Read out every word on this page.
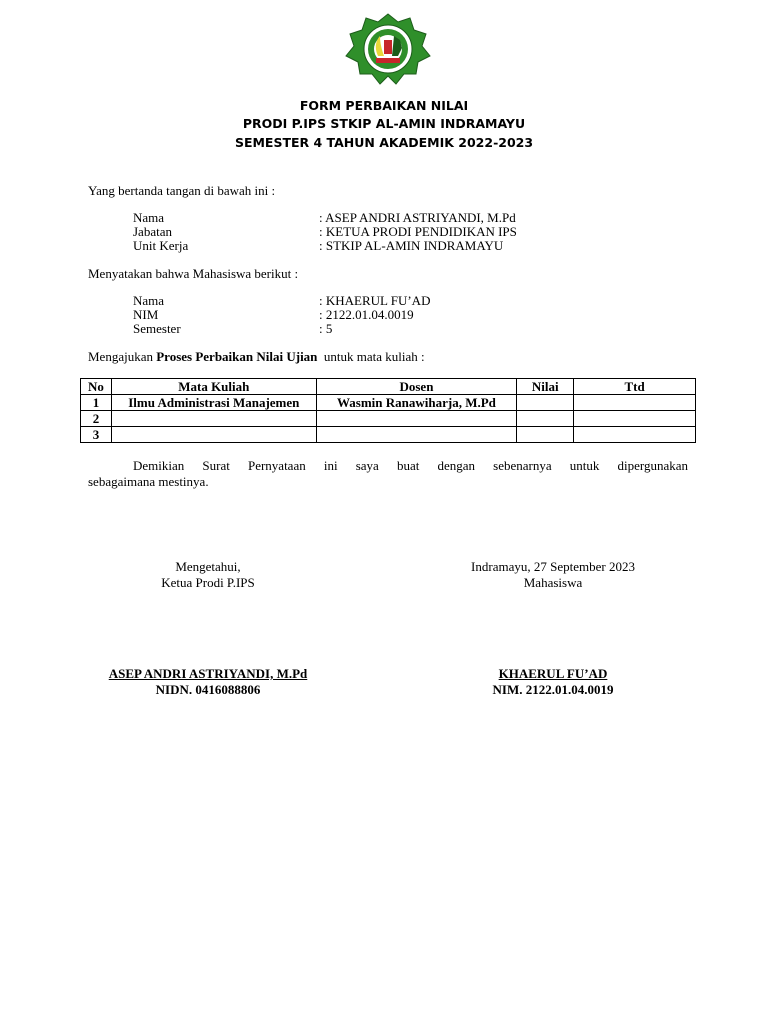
FORM PERBAIKAN NILAI
PRODI P.IPS STKIP AL-AMIN INDRAMAYU
SEMESTER 4 TAHUN AKADEMIK 2022-2023
Yang bertanda tangan di bawah ini :
Nama	: ASEP ANDRI ASTRIYANDI, M.Pd
Jabatan	: KETUA PRODI PENDIDIKAN IPS
Unit Kerja	: STKIP AL-AMIN INDRAMAYU
Menyatakan bahwa Mahasiswa berikut :
Nama	: KHAERUL FU’AD
NIM	: 2122.01.04.0019
Semester	: 5
Mengajukan Proses Perbaikan Nilai Ujian  untuk mata kuliah :
No	Mata Kuliah	Dosen	Nilai	Ttd
1	Ilmu Administrasi Manajemen	Wasmin Ranawiharja, M.Pd		
2				
3				
Demikian Surat Pernyataan ini saya buat dengan sebenarnya untuk dipergunakan
sebagaimana mestinya.
Mengetahui,
Ketua Prodi P.IPS
ASEP ANDRI ASTRIYANDI, M.Pd
NIDN. 0416088806
Indramayu, 27 September 2023
Mahasiswa
KHAERUL FU’AD
NIM. 2122.01.04.0019
